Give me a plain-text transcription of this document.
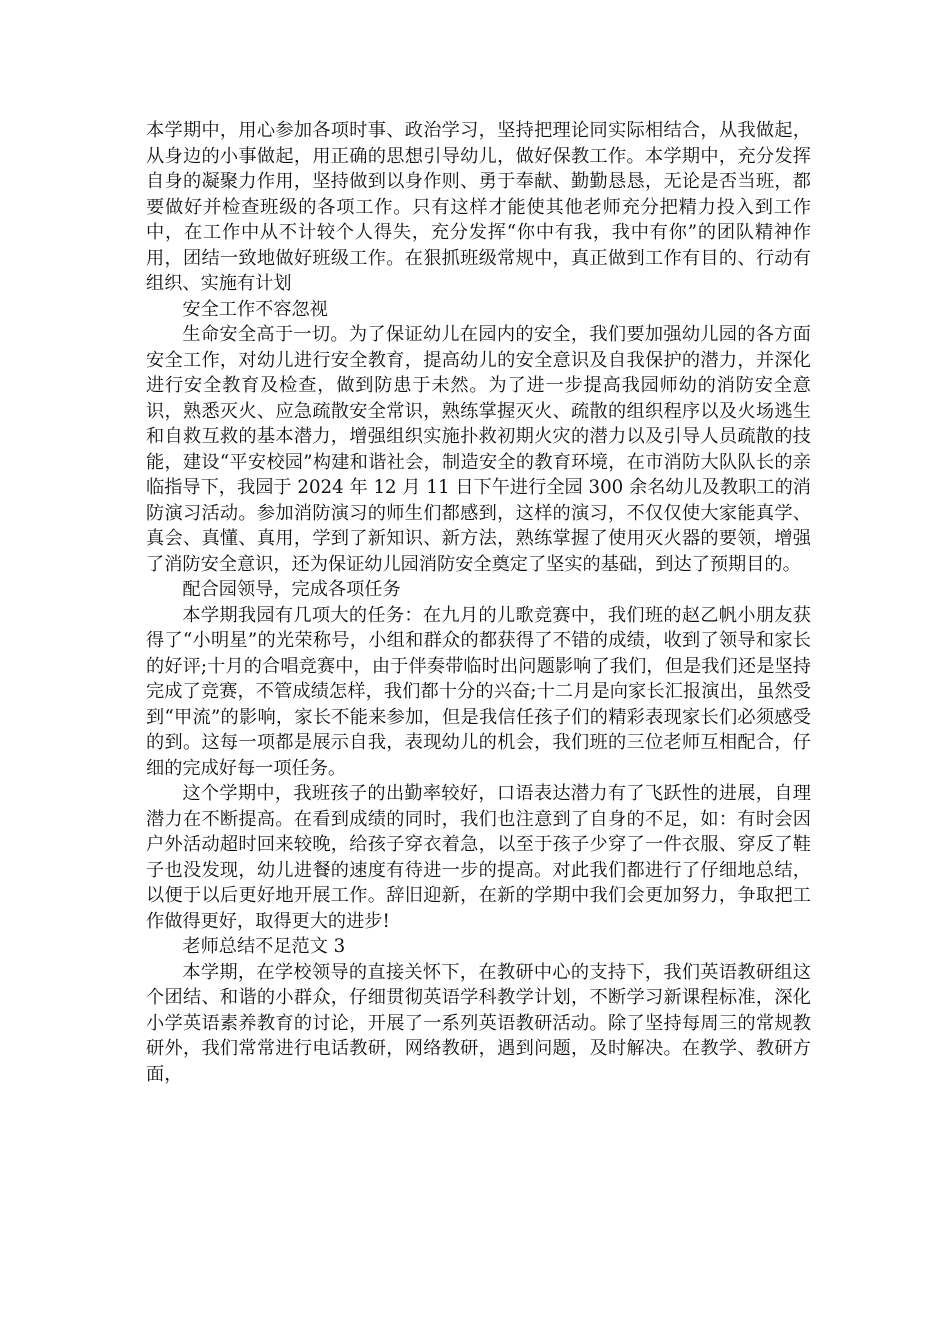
本学期中，用心参加各项时事、政治学习，坚持把理论同实际相结合，从我做起，从身边的小事做起，用正确的思想引导幼儿，做好保教工作。本学期中，充分发挥自身的凝聚力作用，坚持做到以身作则、勇于奉献、勤勤恳恳，无论是否当班，都要做好并检查班级的各项工作。只有这样才能使其他老师充分把精力投入到工作中，在工作中从不计较个人得失，充分发挥“你中有我，我中有你”的团队精神作用，团结一致地做好班级工作。在狠抓班级常规中，真正做到工作有目的、行动有组织、实施有计划

安全工作不容忽视

生命安全高于一切。为了保证幼儿在园内的安全，我们要加强幼儿园的各方面安全工作，对幼儿进行安全教育，提高幼儿的安全意识及自我保护的潜力，并深化进行安全教育及检查，做到防患于未然。为了进一步提高我园师幼的消防安全意识，熟悉灭火、应急疏散安全常识，熟练掌握灭火、疏散的组织程序以及火场逃生和自救互救的基本潜力，增强组织实施扑救初期火灾的潜力以及引导人员疏散的技能，建设“平安校园”构建和谐社会，制造安全的教育环境，在市消防大队队长的亲临指导下，我园于 2024 年 12 月 11 日下午进行全园 300 余名幼儿及教职工的消防演习活动。参加消防演习的师生们都感到，这样的演习，不仅仅使大家能真学、真会、真懂、真用，学到了新知识、新方法，熟练掌握了使用灭火器的要领，增强了消防安全意识，还为保证幼儿园消防安全奠定了坚实的基础，到达了预期目的。

配合园领导，完成各项任务

本学期我园有几项大的任务：在九月的儿歌竞赛中，我们班的赵乙帆小朋友获得了“小明星”的光荣称号，小组和群众的都获得了不错的成绩，收到了领导和家长的好评;十月的合唱竞赛中，由于伴奏带临时出问题影响了我们，但是我们还是坚持完成了竞赛，不管成绩怎样，我们都十分的兴奋;十二月是向家长汇报演出，虽然受到“甲流”的影响，家长不能来参加，但是我信任孩子们的精彩表现家长们必须感受的到。这每一项都是展示自我，表现幼儿的机会，我们班的三位老师互相配合，仔细的完成好每一项任务。

这个学期中，我班孩子的出勤率较好，口语表达潜力有了飞跃性的进展，自理潜力在不断提高。在看到成绩的同时，我们也注意到了自身的不足，如：有时会因户外活动超时回来较晚，给孩子穿衣着急，以至于孩子少穿了一件衣服、穿反了鞋子也没发现，幼儿进餐的速度有待进一步的提高。对此我们都进行了仔细地总结，以便于以后更好地开展工作。辞旧迎新，在新的学期中我们会更加努力，争取把工作做得更好，取得更大的进步!

老师总结不足范文 3

本学期，在学校领导的直接关怀下，在教研中心的支持下，我们英语教研组这个团结、和谐的小群众，仔细贯彻英语学科教学计划，不断学习新课程标准，深化小学英语素养教育的讨论，开展了一系列英语教研活动。除了坚持每周三的常规教研外，我们常常进行电话教研，网络教研，遇到问题，及时解决。在教学、教研方面，
